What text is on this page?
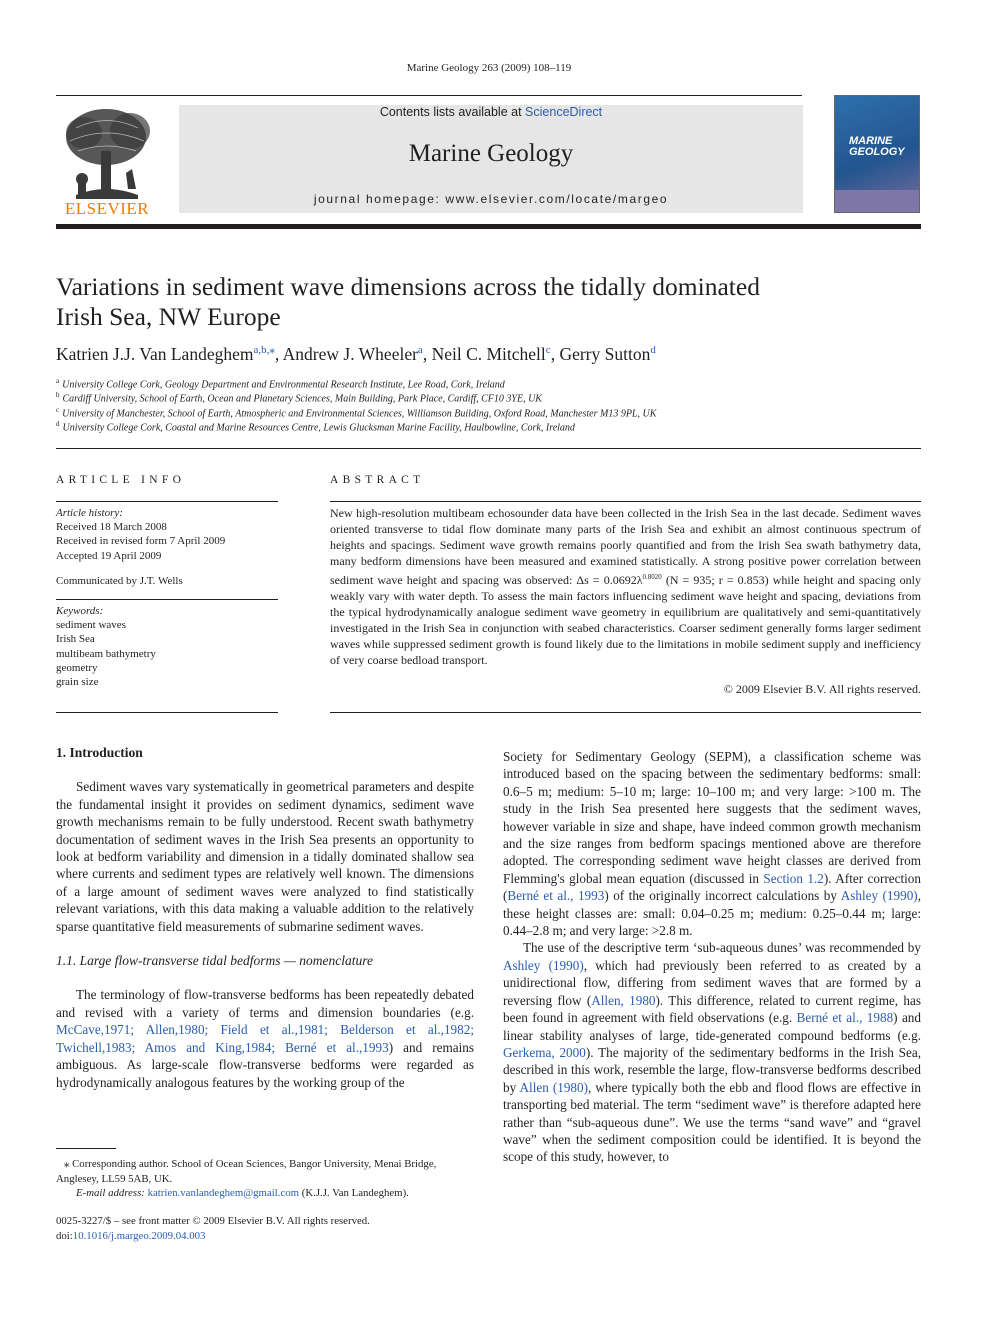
Marine Geology 263 (2009) 108–119
ELSEVIER
Contents lists available at ScienceDirect
Marine Geology
journal homepage: www.elsevier.com/locate/margeo
MARINE
GEOLOGY
Variations in sediment wave dimensions across the tidally dominated
Irish Sea, NW Europe
Katrien J.J. Van Landeghem$^{a,b,⁎}$, Andrew J. Wheeler$^a$, Neil C. Mitchell$^c$, Gerry Sutton$^d$
$^a$ University College Cork, Geology Department and Environmental Research Institute, Lee Road, Cork, Ireland
$^b$ Cardiff University, School of Earth, Ocean and Planetary Sciences, Main Building, Park Place, Cardiff, CF10 3YE, UK
$^c$ University of Manchester, School of Earth, Atmospheric and Environmental Sciences, Williamson Building, Oxford Road, Manchester M13 9PL, UK
$^d$ University College Cork, Coastal and Marine Resources Centre, Lewis Glucksman Marine Facility, Haulbowline, Cork, Ireland
ARTICLE INFO
Article history:
Received 18 March 2008
Received in revised form 7 April 2009
Accepted 19 April 2009
Communicated by J.T. Wells
Keywords:
sediment waves
Irish Sea
multibeam bathymetry
geometry
grain size
ABSTRACT
New high-resolution multibeam echosounder data have been collected in the Irish Sea in the last decade. Sediment waves oriented transverse to tidal flow dominate many parts of the Irish Sea and exhibit an almost continuous spectrum of heights and spacings. Sediment wave growth remains poorly quantified and from the Irish Sea swath bathymetry data, many bedform dimensions have been measured and examined statistically. A strong positive power correlation between sediment wave height and spacing was observed: $\Delta s = 0.0692\lambda^{0.8020}$ (N = 935; r = 0.853) while height and spacing only weakly vary with water depth. To assess the main factors influencing sediment wave height and spacing, deviations from the typical hydrodynamically analogue sediment wave geometry in equilibrium are qualitatively and semi-quantitatively investigated in the Irish Sea in conjunction with seabed characteristics. Coarser sediment generally forms larger sediment waves while suppressed sediment growth is found likely due to the limitations in mobile sediment supply and inefficiency of very coarse bedload transport.
© 2009 Elsevier B.V. All rights reserved.
1. Introduction

Sediment waves vary systematically in geometrical parameters and despite the fundamental insight it provides on sediment dynamics, sediment wave growth mechanisms remain to be fully understood. Recent swath bathymetry documentation of sediment waves in the Irish Sea presents an opportunity to look at bedform variability and dimension in a tidally dominated shallow sea where currents and sediment types are relatively well known. The dimensions of a large amount of sediment waves were analyzed to find statistically relevant variations, with this data making a valuable addition to the relatively sparse quantitative field measurements of submarine sediment waves.

1.1. Large flow-transverse tidal bedforms — nomenclature

The terminology of flow-transverse bedforms has been repeatedly debated and revised with a variety of terms and dimension boundaries (e.g. McCave,1971; Allen,1980; Field et al.,1981; Belderson et al.,1982; Twichell,1983; Amos and King,1984; Berné et al.,1993) and remains ambiguous. As large-scale flow-transverse bedforms were regarded as hydrodynamically analogous features by the working group of the

⁎ Corresponding author. School of Ocean Sciences, Bangor University, Menai Bridge, Anglesey, LL59 5AB, UK.
E-mail address: katrien.vanlandeghem@gmail.com (K.J.J. Van Landeghem).
0025-3227/$ – see front matter © 2009 Elsevier B.V. All rights reserved.
doi:10.1016/j.margeo.2009.04.003

Society for Sedimentary Geology (SEPM), a classification scheme was introduced based on the spacing between the sedimentary bedforms: small: 0.6–5 m; medium: 5–10 m; large: 10–100 m; and very large: >100 m. The study in the Irish Sea presented here suggests that the sediment waves, however variable in size and shape, have indeed common growth mechanism and the size ranges from bedform spacings mentioned above are therefore adopted. The corresponding sediment wave height classes are derived from Flemming's global mean equation (discussed in Section 1.2). After correction (Berné et al., 1993) of the originally incorrect calculations by Ashley (1990), these height classes are: small: 0.04–0.25 m; medium: 0.25–0.44 m; large: 0.44–2.8 m; and very large: >2.8 m.

The use of the descriptive term ‘sub-aqueous dunes’ was recommended by Ashley (1990), which had previously been referred to as created by a unidirectional flow, differing from sediment waves that are formed by a reversing flow (Allen, 1980). This difference, related to current regime, has been found in agreement with field observations (e.g. Berné et al., 1988) and linear stability analyses of large, tide-generated compound bedforms (e.g. Gerkema, 2000). The majority of the sedimentary bedforms in the Irish Sea, described in this work, resemble the large, flow-transverse bedforms described by Allen (1980), where typically both the ebb and flood flows are effective in transporting bed material. The term “sediment wave” is therefore adapted here rather than “sub-aqueous dune”. We use the terms “sand wave” and “gravel wave” when the sediment composition could be identified. It is beyond the scope of this study, however, to
